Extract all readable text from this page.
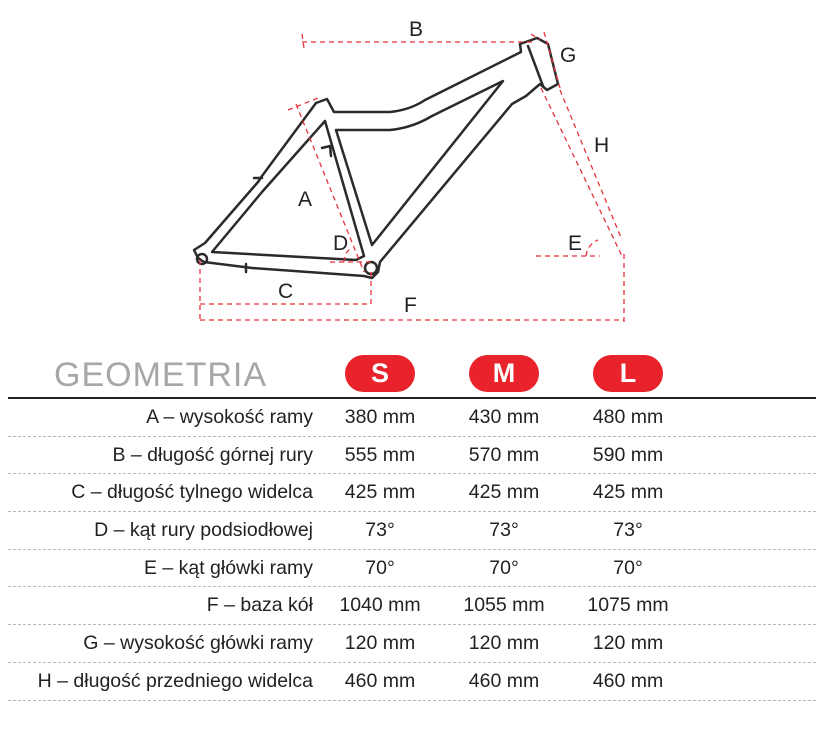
B
G
H
A
D	E
C
F
GEOMETRIA	S	M	L
A – wysokość ramy	380 mm	430 mm	480 mm
B – długość górnej rury	555 mm	570 mm	590 mm
C – długość tylnego widelca	425 mm	425 mm	425 mm
D – kąt rury podsiodłowej	73°	73°	73°
E – kąt główki ramy	70°	70°	70°
F – baza kół	1040 mm	1055 mm	1075 mm
G – wysokość główki ramy	120 mm	120 mm	120 mm
H – długość przedniego widelca	460 mm	460 mm	460 mm
